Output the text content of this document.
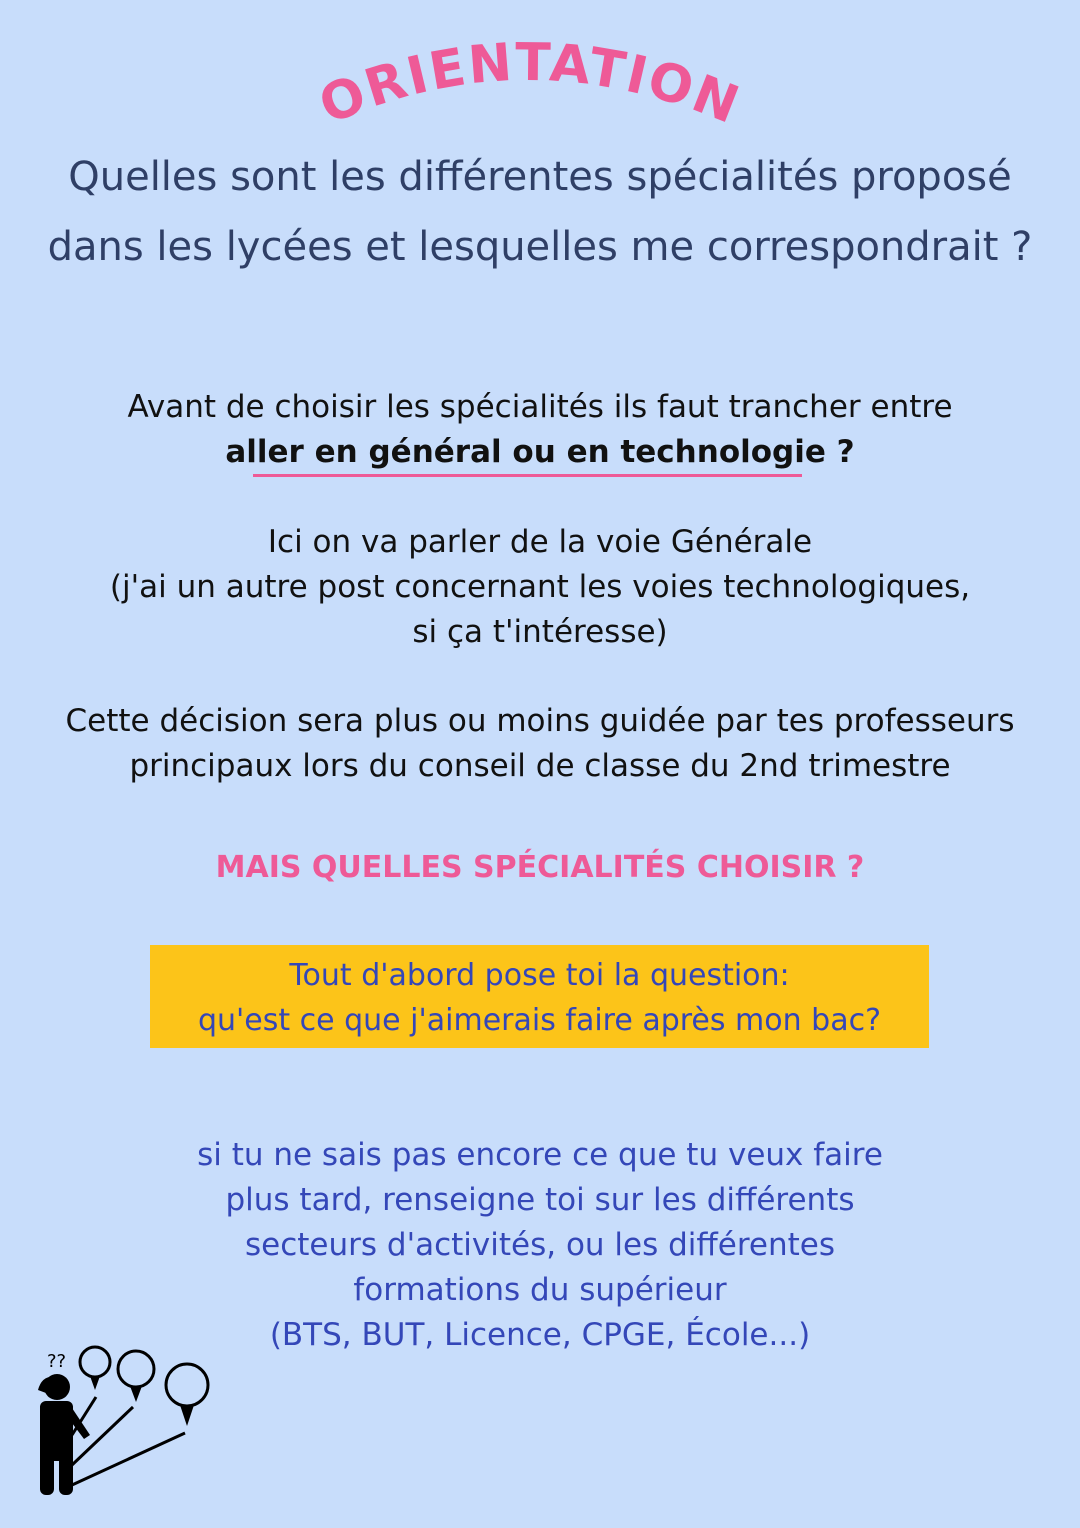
ORIENTATION
Quelles sont les différentes spécialités proposé
dans les lycées et lesquelles me correspondrait ?
Avant de choisir les spécialités ils faut trancher entre
aller en général ou en technologie ?
Ici on va parler de la voie Générale
(j'ai un autre post concernant les voies technologiques,
si ça t'intéresse)
Cette décision sera plus ou moins guidée par tes professeurs
principaux lors du conseil de classe du 2nd trimestre
MAIS QUELLES SPÉCIALITÉS CHOISIR ?
Tout d'abord pose toi la question:
qu'est ce que j'aimerais faire après mon bac?
si tu ne sais pas encore ce que tu veux faire
plus tard, renseigne toi sur les différents
secteurs d'activités, ou les différentes
formations du supérieur
(BTS, BUT, Licence, CPGE, École...)
??
